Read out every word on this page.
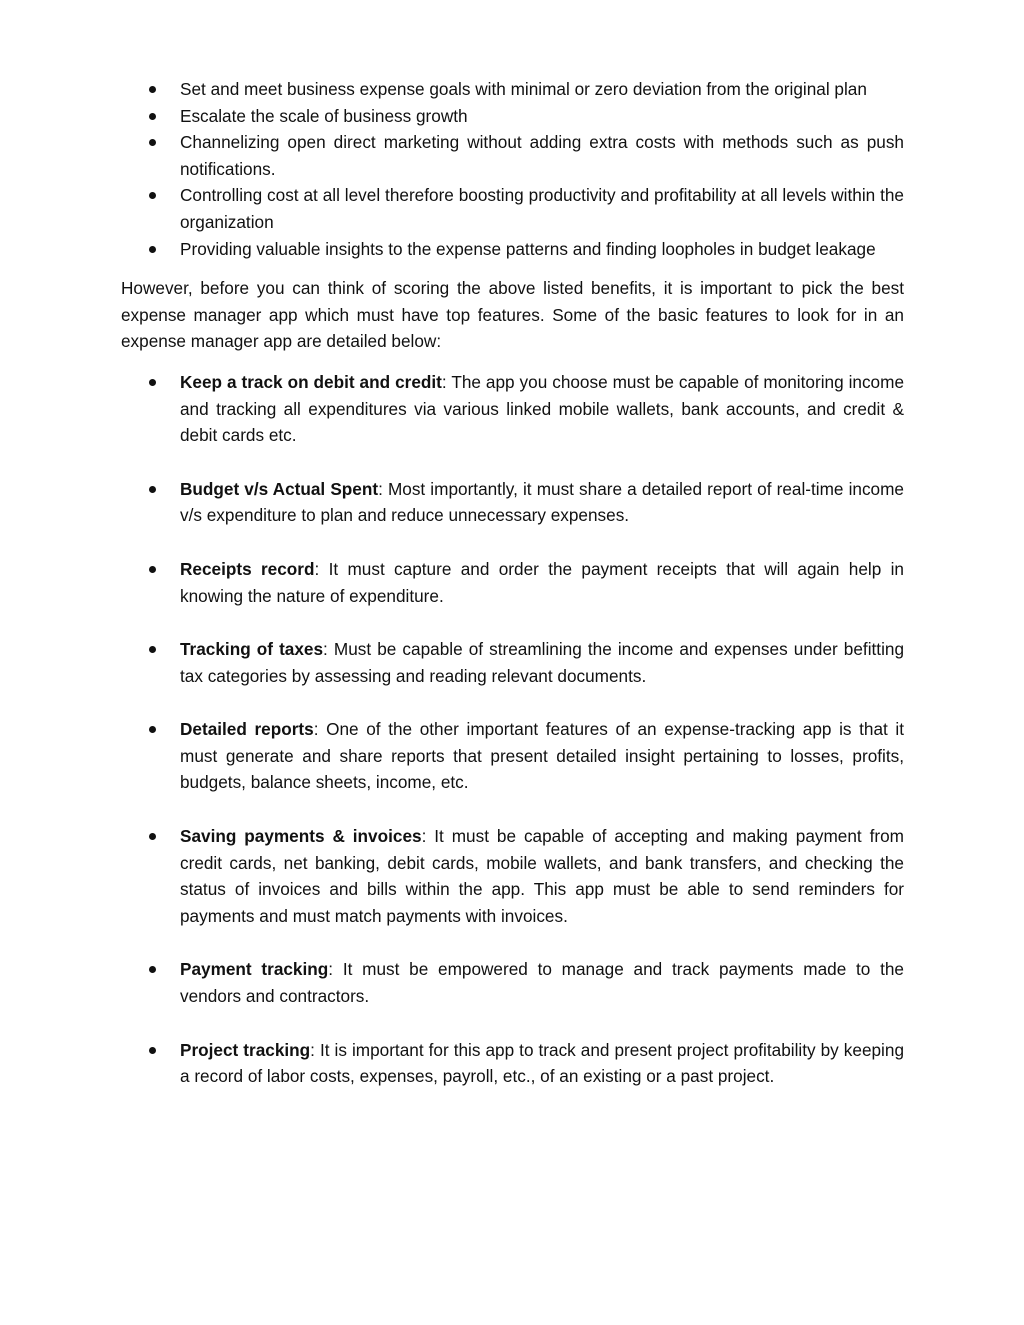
Set and meet business expense goals with minimal or zero deviation from the original plan
Escalate the scale of business growth
Channelizing open direct marketing without adding extra costs with methods such as push notifications.
Controlling cost at all level therefore boosting productivity and profitability at all levels within the organization
Providing valuable insights to the expense patterns and finding loopholes in budget leakage

However, before you can think of scoring the above listed benefits, it is important to pick the best expense manager app which must have top features. Some of the basic features to look for in an expense manager app are detailed below:

Keep a track on debit and credit: The app you choose must be capable of monitoring income and tracking all expenditures via various linked mobile wallets, bank accounts, and credit & debit cards etc.
Budget v/s Actual Spent: Most importantly, it must share a detailed report of real-time income v/s expenditure to plan and reduce unnecessary expenses.
Receipts record: It must capture and order the payment receipts that will again help in knowing the nature of expenditure.
Tracking of taxes: Must be capable of streamlining the income and expenses under befitting tax categories by assessing and reading relevant documents.
Detailed reports: One of the other important features of an expense-tracking app is that it must generate and share reports that present detailed insight pertaining to losses, profits, budgets, balance sheets, income, etc.
Saving payments & invoices: It must be capable of accepting and making payment from credit cards, net banking, debit cards, mobile wallets, and bank transfers, and checking the status of invoices and bills within the app. This app must be able to send reminders for payments and must match payments with invoices.
Payment tracking: It must be empowered to manage and track payments made to the vendors and contractors.
Project tracking: It is important for this app to track and present project profitability by keeping a record of labor costs, expenses, payroll, etc., of an existing or a past project.
